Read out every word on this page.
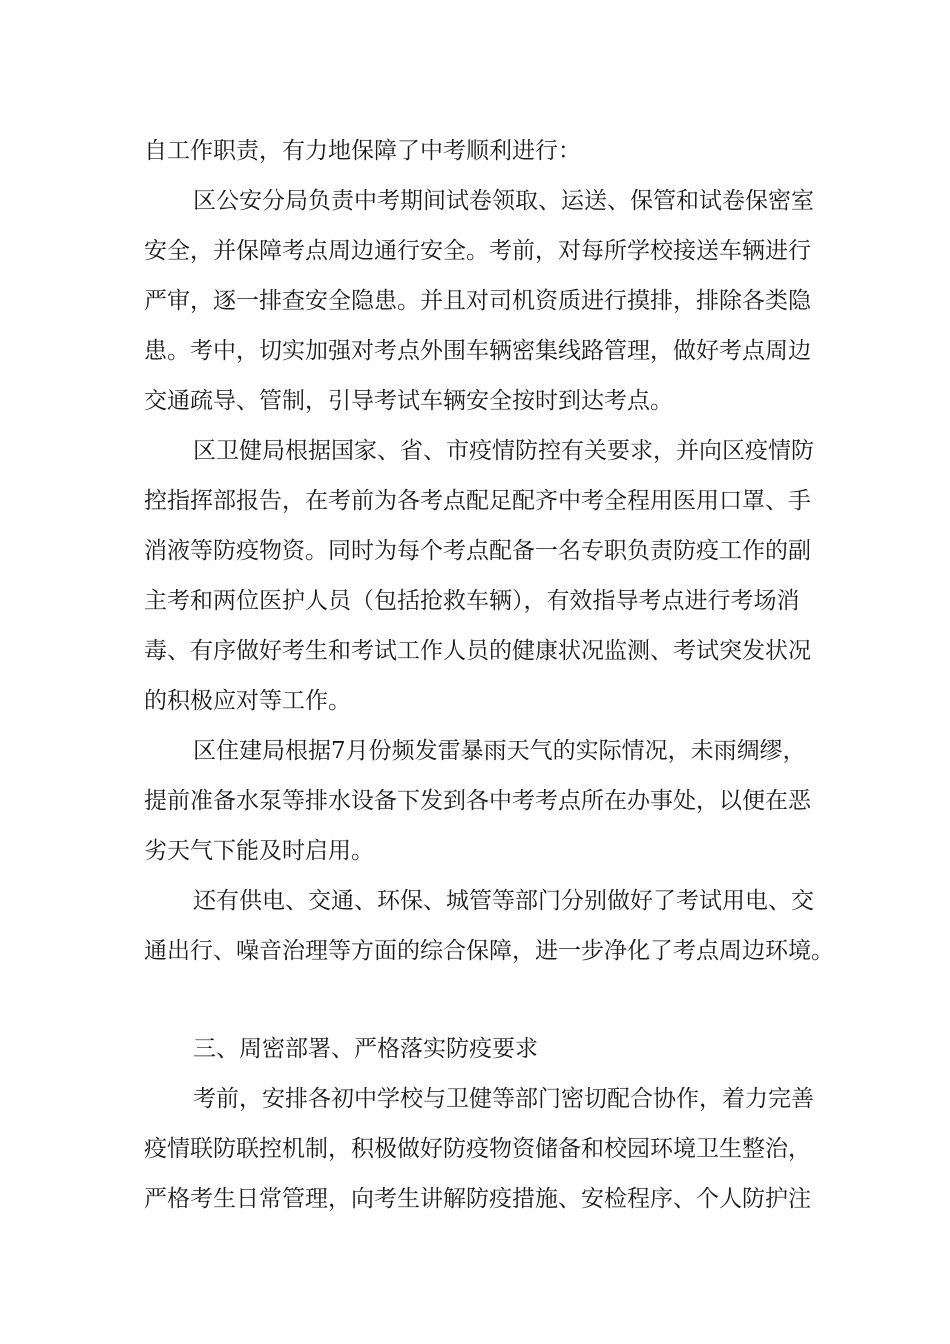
自工作职责，有力地保障了中考顺利进行：
区公安分局负责中考期间试卷领取、运送、保管和试卷保密室
安全，并保障考点周边通行安全。考前，对每所学校接送车辆进行
严审，逐一排查安全隐患。并且对司机资质进行摸排，排除各类隐
患。考中，切实加强对考点外围车辆密集线路管理，做好考点周边
交通疏导、管制，引导考试车辆安全按时到达考点。
区卫健局根据国家、省、市疫情防控有关要求，并向区疫情防
控指挥部报告，在考前为各考点配足配齐中考全程用医用口罩、手
消液等防疫物资。同时为每个考点配备一名专职负责防疫工作的副
主考和两位医护人员（包括抢救车辆），有效指导考点进行考场消
毒、有序做好考生和考试工作人员的健康状况监测、考试突发状况
的积极应对等工作。
区住建局根据7月份频发雷暴雨天气的实际情况，未雨绸缪，
提前准备水泵等排水设备下发到各中考考点所在办事处，以便在恶
劣天气下能及时启用。
还有供电、交通、环保、城管等部门分别做好了考试用电、交
通出行、噪音治理等方面的综合保障，进一步净化了考点周边环境。
三、周密部署、严格落实防疫要求
考前，安排各初中学校与卫健等部门密切配合协作，着力完善
疫情联防联控机制，积极做好防疫物资储备和校园环境卫生整治，
严格考生日常管理，向考生讲解防疫措施、安检程序、个人防护注
